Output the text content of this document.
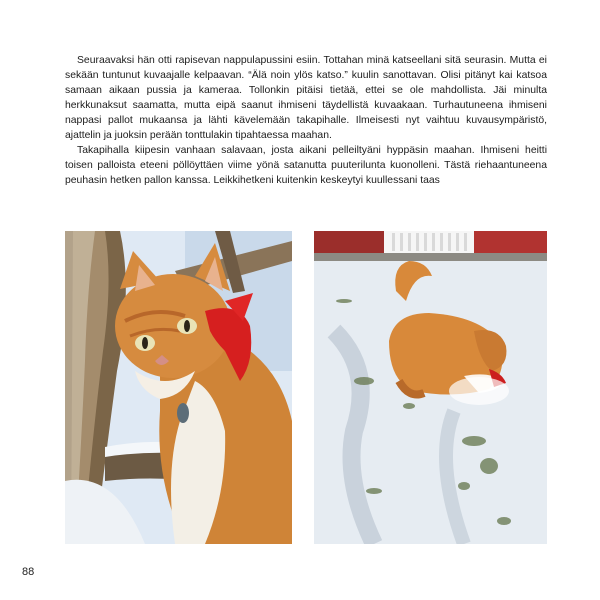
Seuraavaksi hän otti rapisevan nappulapussini esiin. Tottahan minä katseellani sitä seurasin. Mutta ei sekään tuntunut kuvaajalle kelpaavan. “Älä noin ylös katso.” kuulin sanottavan. Olisi pitänyt kai katsoa samaan aikaan pussia ja kameraa. Tollonkin pitäisi tietää, ettei se ole mahdollista. Jäi minulta herkkunaksut saamatta, mutta eipä saanut ihmiseni täydellistä kuvaakaan. Turhautuneena ihmiseni nappasi pallot mukaansa ja lähti kävelemään takapihalle. Ilmeisesti nyt vaihtuu kuvausympäristö, ajattelin ja juoksin perään tonttulakin tipahtaessa maahan.

Takapihalla kiipesin vanhaan salavaan, josta aikani pelleiltyäni hyppäsin maahan. Ihmiseni heitti toisen palloista eteeni pöllöyttäen viime yönä satanutta puuterilunta kuonolleni. Tästä riehaantuneena peuhasin hetken pallon kanssa. Leikkihetkeni kuitenkin keskeytyi kuullessani taas

88
